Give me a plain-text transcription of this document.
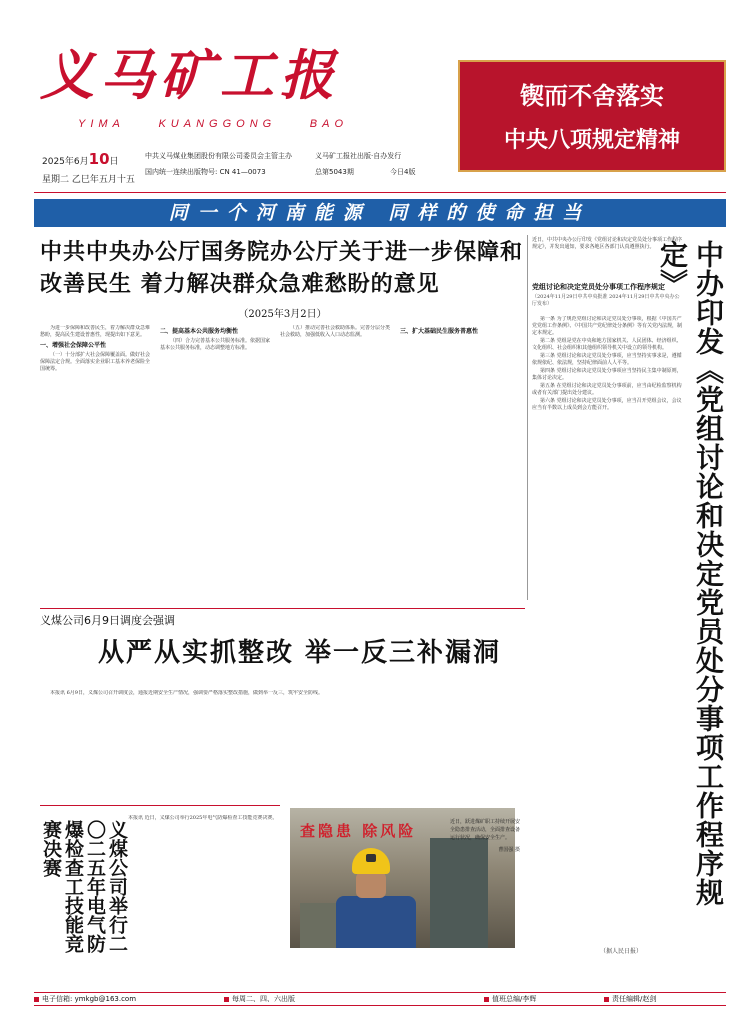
义马矿工报
YIMA	KUANGGONG	BAO
锲而不舍落实
中央八项规定精神
2025年6月10日
星期二 乙巳年五月十五
中共义马煤业集团股份有限公司委员会主管主办	义马矿工报社出版·自办发行
国内统一连续出版物号: CN 41—0073	总第5043期	今日4版
同一个河南能源 同样的使命担当
中共中央办公厅国务院办公厅关于进一步保障和改善民生 着力解决群众急难愁盼的意见
（2025年3月2日）

为进一步保障和改善民生，着力解决群众急难愁盼，提高民生建设普惠性，现提出如下意见。

一、增强社会保障公平性

（一）十分部扩大社会保障覆盖面。做好社会保障法定合规。全面落实企业职工基本养老保险全国统筹。

二、提高基本公共服务均衡性

（四）合力完善基本公共服务标准。依据国家基本公共服务标准，动态调整地方标准。

（五）推动完善社会救助体系。完善分层分类社会救助，加强低收入人口动态监测。	三、扩大基础民生服务普惠性
近日，中共中央办公厅印发《党组讨论和决定党员处分事项工作程序规定》，并发出通知，要求各地区各部门认真遵照执行。
党组讨论和决定党员处分事项工作程序规定
（2024年11月29日中共中央批准 2024年11月29日中共中央办公厅发布）

第一条 为了规范党组讨论和决定党员处分事项，根据《中国共产党党组工作条例》、《中国共产党纪律处分条例》等有关党内法规，制定本规定。

第二条 党组是党在中央和地方国家机关、人民团体、经济组织、文化组织、社会组织和其他组织领导机关中设立的领导机构。

第三条 党组讨论和决定党员处分事项，应当坚持实事求是，遵循依规依纪、依法规，坚持纪律面前人人平等。

第四条 党组讨论和决定党员处分事项应当坚持民主集中制原则，集体讨论决定。

第五条 在党组讨论和决定党员处分事项前，应当由纪检监察机构或者有关部门提出处分建议。

第六条 党组讨论和决定党员处分事项，应当召开党组会议，会议应当有半数以上成员到会方能召开。

（据人民日报）
中办印发《党组讨论和决定党员处分事项工作程序规定》
义煤公司6月9日调度会强调
从严从实抓整改 举一反三补漏洞

本报讯 6月9日，义煤公司召开调度会，通报近期安全生产情况，强调要严格落实整改措施，做到举一反三，筑牢安全防线。

义煤公司举行二〇二五年电气防爆检查工技能竞赛决赛

本报讯 近日，义煤公司举行2025年电气防爆检查工技能竞赛决赛。

查隐患 除风险	近日，跃进煤矿职工持续开展安全隐患排查活动，全面排查设备运行状况，确保安全生产。
曹国强 摄
电子信箱: ymkgb@163.com	每周二、四、六出版	值班总编/李辉	责任编辑/赵剑
